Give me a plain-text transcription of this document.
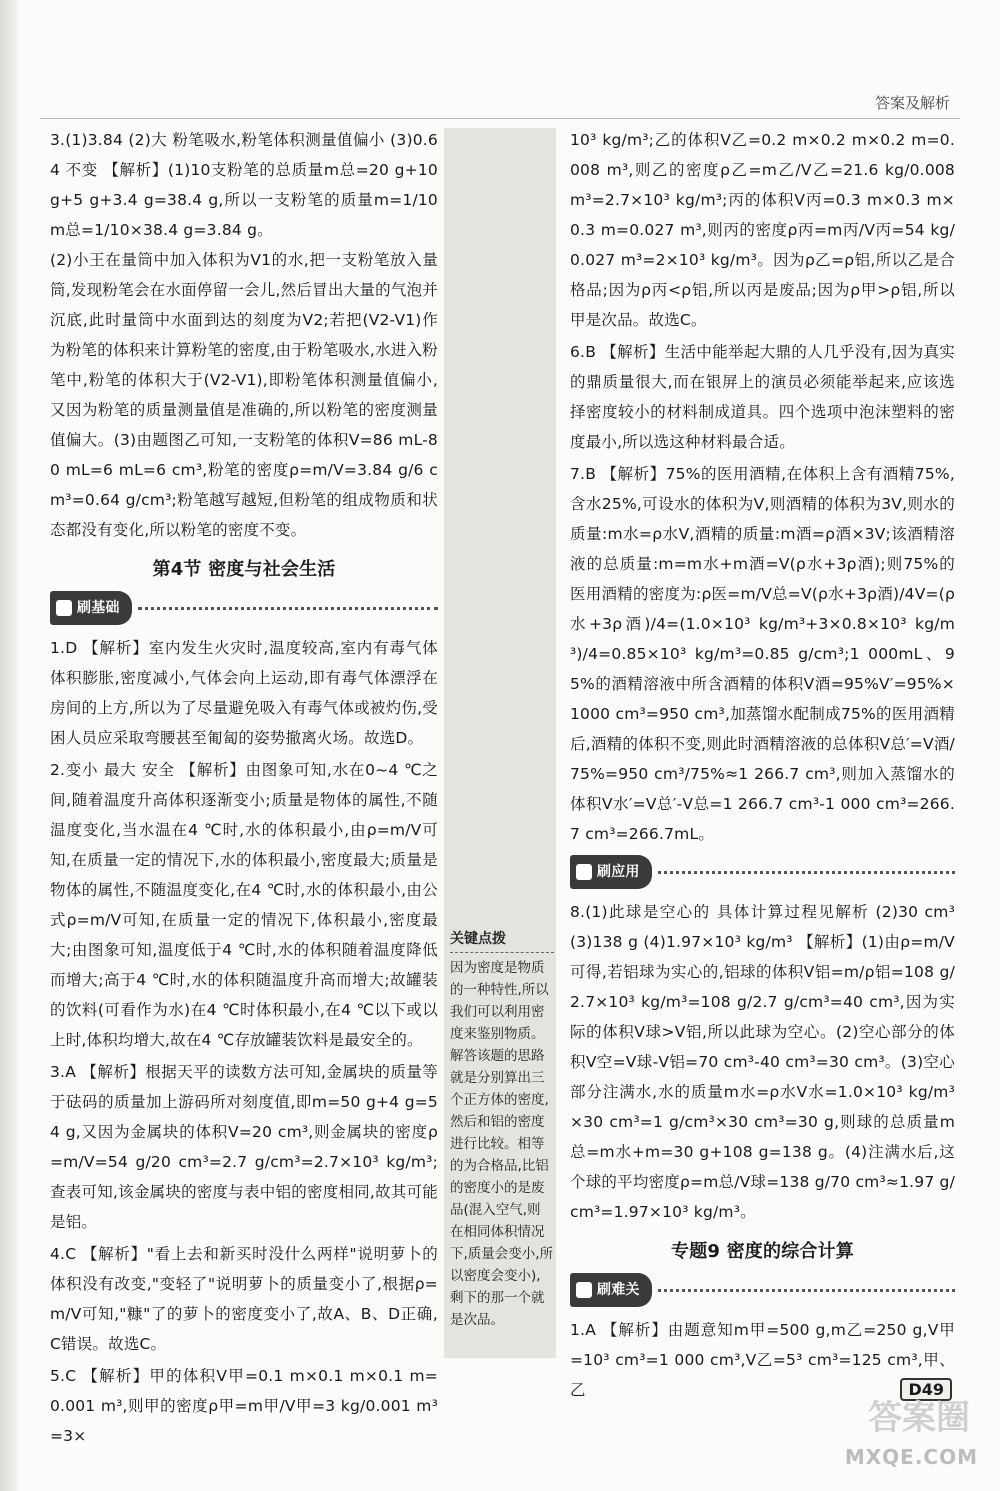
答案及解析

3.(1)3.84 (2)大 粉笔吸水,粉笔体积测量值偏小 (3)0.64 不变 【解析】(1)10支粉笔的总质量m总=20 g+10 g+5 g+3.4 g=38.4 g,所以一支粉笔的质量m=1/10m总=1/10×38.4 g=3.84 g。

(2)小王在量筒中加入体积为V1的水,把一支粉笔放入量筒,发现粉笔会在水面停留一会儿,然后冒出大量的气泡并沉底,此时量筒中水面到达的刻度为V2;若把(V2-V1)作为粉笔的体积来计算粉笔的密度,由于粉笔吸水,水进入粉笔中,粉笔的体积大于(V2-V1),即粉笔体积测量值偏小,又因为粉笔的质量测量值是准确的,所以粉笔的密度测量值偏大。(3)由题图乙可知,一支粉笔的体积V=86 mL-80 mL=6 mL=6 cm³,粉笔的密度ρ=m/V=3.84 g/6 cm³=0.64 g/cm³;粉笔越写越短,但粉笔的组成物质和状态都没有变化,所以粉笔的密度不变。

第4节 密度与社会生活
刷基础

1.D 【解析】室内发生火灾时,温度较高,室内有毒气体体积膨胀,密度减小,气体会向上运动,即有毒气体漂浮在房间的上方,所以为了尽量避免吸入有毒气体或被灼伤,受困人员应采取弯腰甚至匍匐的姿势撤离火场。故选D。

2.变小 最大 安全 【解析】由图象可知,水在0~4 ℃之间,随着温度升高体积逐渐变小;质量是物体的属性,不随温度变化,当水温在4 ℃时,水的体积最小,由ρ=m/V可知,在质量一定的情况下,水的体积最小,密度最大;质量是物体的属性,不随温度变化,在4 ℃时,水的体积最小,由公式ρ=m/V可知,在质量一定的情况下,体积最小,密度最大;由图象可知,温度低于4 ℃时,水的体积随着温度降低而增大;高于4 ℃时,水的体积随温度升高而增大;故罐装的饮料(可看作为水)在4 ℃时体积最小,在4 ℃以下或以上时,体积均增大,故在4 ℃存放罐装饮料是最安全的。

3.A 【解析】根据天平的读数方法可知,金属块的质量等于砝码的质量加上游码所对刻度值,即m=50 g+4 g=54 g,又因为金属块的体积V=20 cm³,则金属块的密度ρ=m/V=54 g/20 cm³=2.7 g/cm³=2.7×10³ kg/m³;查表可知,该金属块的密度与表中铝的密度相同,故其可能是铝。

4.C 【解析】"看上去和新买时没什么两样"说明萝卜的体积没有改变,"变轻了"说明萝卜的质量变小了,根据ρ=m/V可知,"糠"了的萝卜的密度变小了,故A、B、D正确,C错误。故选C。

5.C 【解析】甲的体积V甲=0.1 m×0.1 m×0.1 m=0.001 m³,则甲的密度ρ甲=m甲/V甲=3 kg/0.001 m³=3×

关键点拨
因为密度是物质的一种特性,所以我们可以利用密度来鉴别物质。解答该题的思路就是分别算出三个正方体的密度,然后和铝的密度进行比较。相等的为合格品,比铝的密度小的是废品(混入空气,则在相同体积情况下,质量会变小,所以密度会变小),剩下的那一个就是次品。

10³ kg/m³;乙的体积V乙=0.2 m×0.2 m×0.2 m=0.008 m³,则乙的密度ρ乙=m乙/V乙=21.6 kg/0.008 m³=2.7×10³ kg/m³;丙的体积V丙=0.3 m×0.3 m×0.3 m=0.027 m³,则丙的密度ρ丙=m丙/V丙=54 kg/0.027 m³=2×10³ kg/m³。因为ρ乙=ρ铝,所以乙是合格品;因为ρ丙<ρ铝,所以丙是废品;因为ρ甲>ρ铝,所以甲是次品。故选C。

6.B 【解析】生活中能举起大鼎的人几乎没有,因为真实的鼎质量很大,而在银屏上的演员必须能举起来,应该选择密度较小的材料制成道具。四个选项中泡沫塑料的密度最小,所以选这种材料最合适。

7.B 【解析】75%的医用酒精,在体积上含有酒精75%,含水25%,可设水的体积为V,则酒精的体积为3V,则水的质量:m水=ρ水V,酒精的质量:m酒=ρ酒×3V;该酒精溶液的总质量:m=m水+m酒=V(ρ水+3ρ酒);则75%的医用酒精的密度为:ρ医=m/V总=V(ρ水+3ρ酒)/4V=(ρ水+3ρ酒)/4=(1.0×10³ kg/m³+3×0.8×10³ kg/m³)/4=0.85×10³ kg/m³=0.85 g/cm³;1 000mL、95%的酒精溶液中所含酒精的体积V酒=95%V′=95%×1000 cm³=950 cm³,加蒸馏水配制成75%的医用酒精后,酒精的体积不变,则此时酒精溶液的总体积V总′=V酒/75%=950 cm³/75%≈1 266.7 cm³,则加入蒸馏水的体积V水′=V总′-V总=1 266.7 cm³-1 000 cm³=266.7 cm³=266.7mL。

刷应用

8.(1)此球是空心的 具体计算过程见解析 (2)30 cm³ (3)138 g (4)1.97×10³ kg/m³ 【解析】(1)由ρ=m/V可得,若铝球为实心的,铝球的体积V铝=m/ρ铝=108 g/2.7×10³ kg/m³=108 g/2.7 g/cm³=40 cm³,因为实际的体积V球>V铝,所以此球为空心。(2)空心部分的体积V空=V球-V铝=70 cm³-40 cm³=30 cm³。(3)空心部分注满水,水的质量m水=ρ水V水=1.0×10³ kg/m³×30 cm³=1 g/cm³×30 cm³=30 g,则球的总质量m总=m水+m=30 g+108 g=138 g。(4)注满水后,这个球的平均密度ρ=m总/V球=138 g/70 cm³≈1.97 g/cm³=1.97×10³ kg/m³。

专题9 密度的综合计算
刷难关

1.A 【解析】由题意知m甲=500 g,m乙=250 g,V甲=10³ cm³=1 000 cm³,V乙=5³ cm³=125 cm³,甲、乙	D49
答案圈
MXQE.COM
